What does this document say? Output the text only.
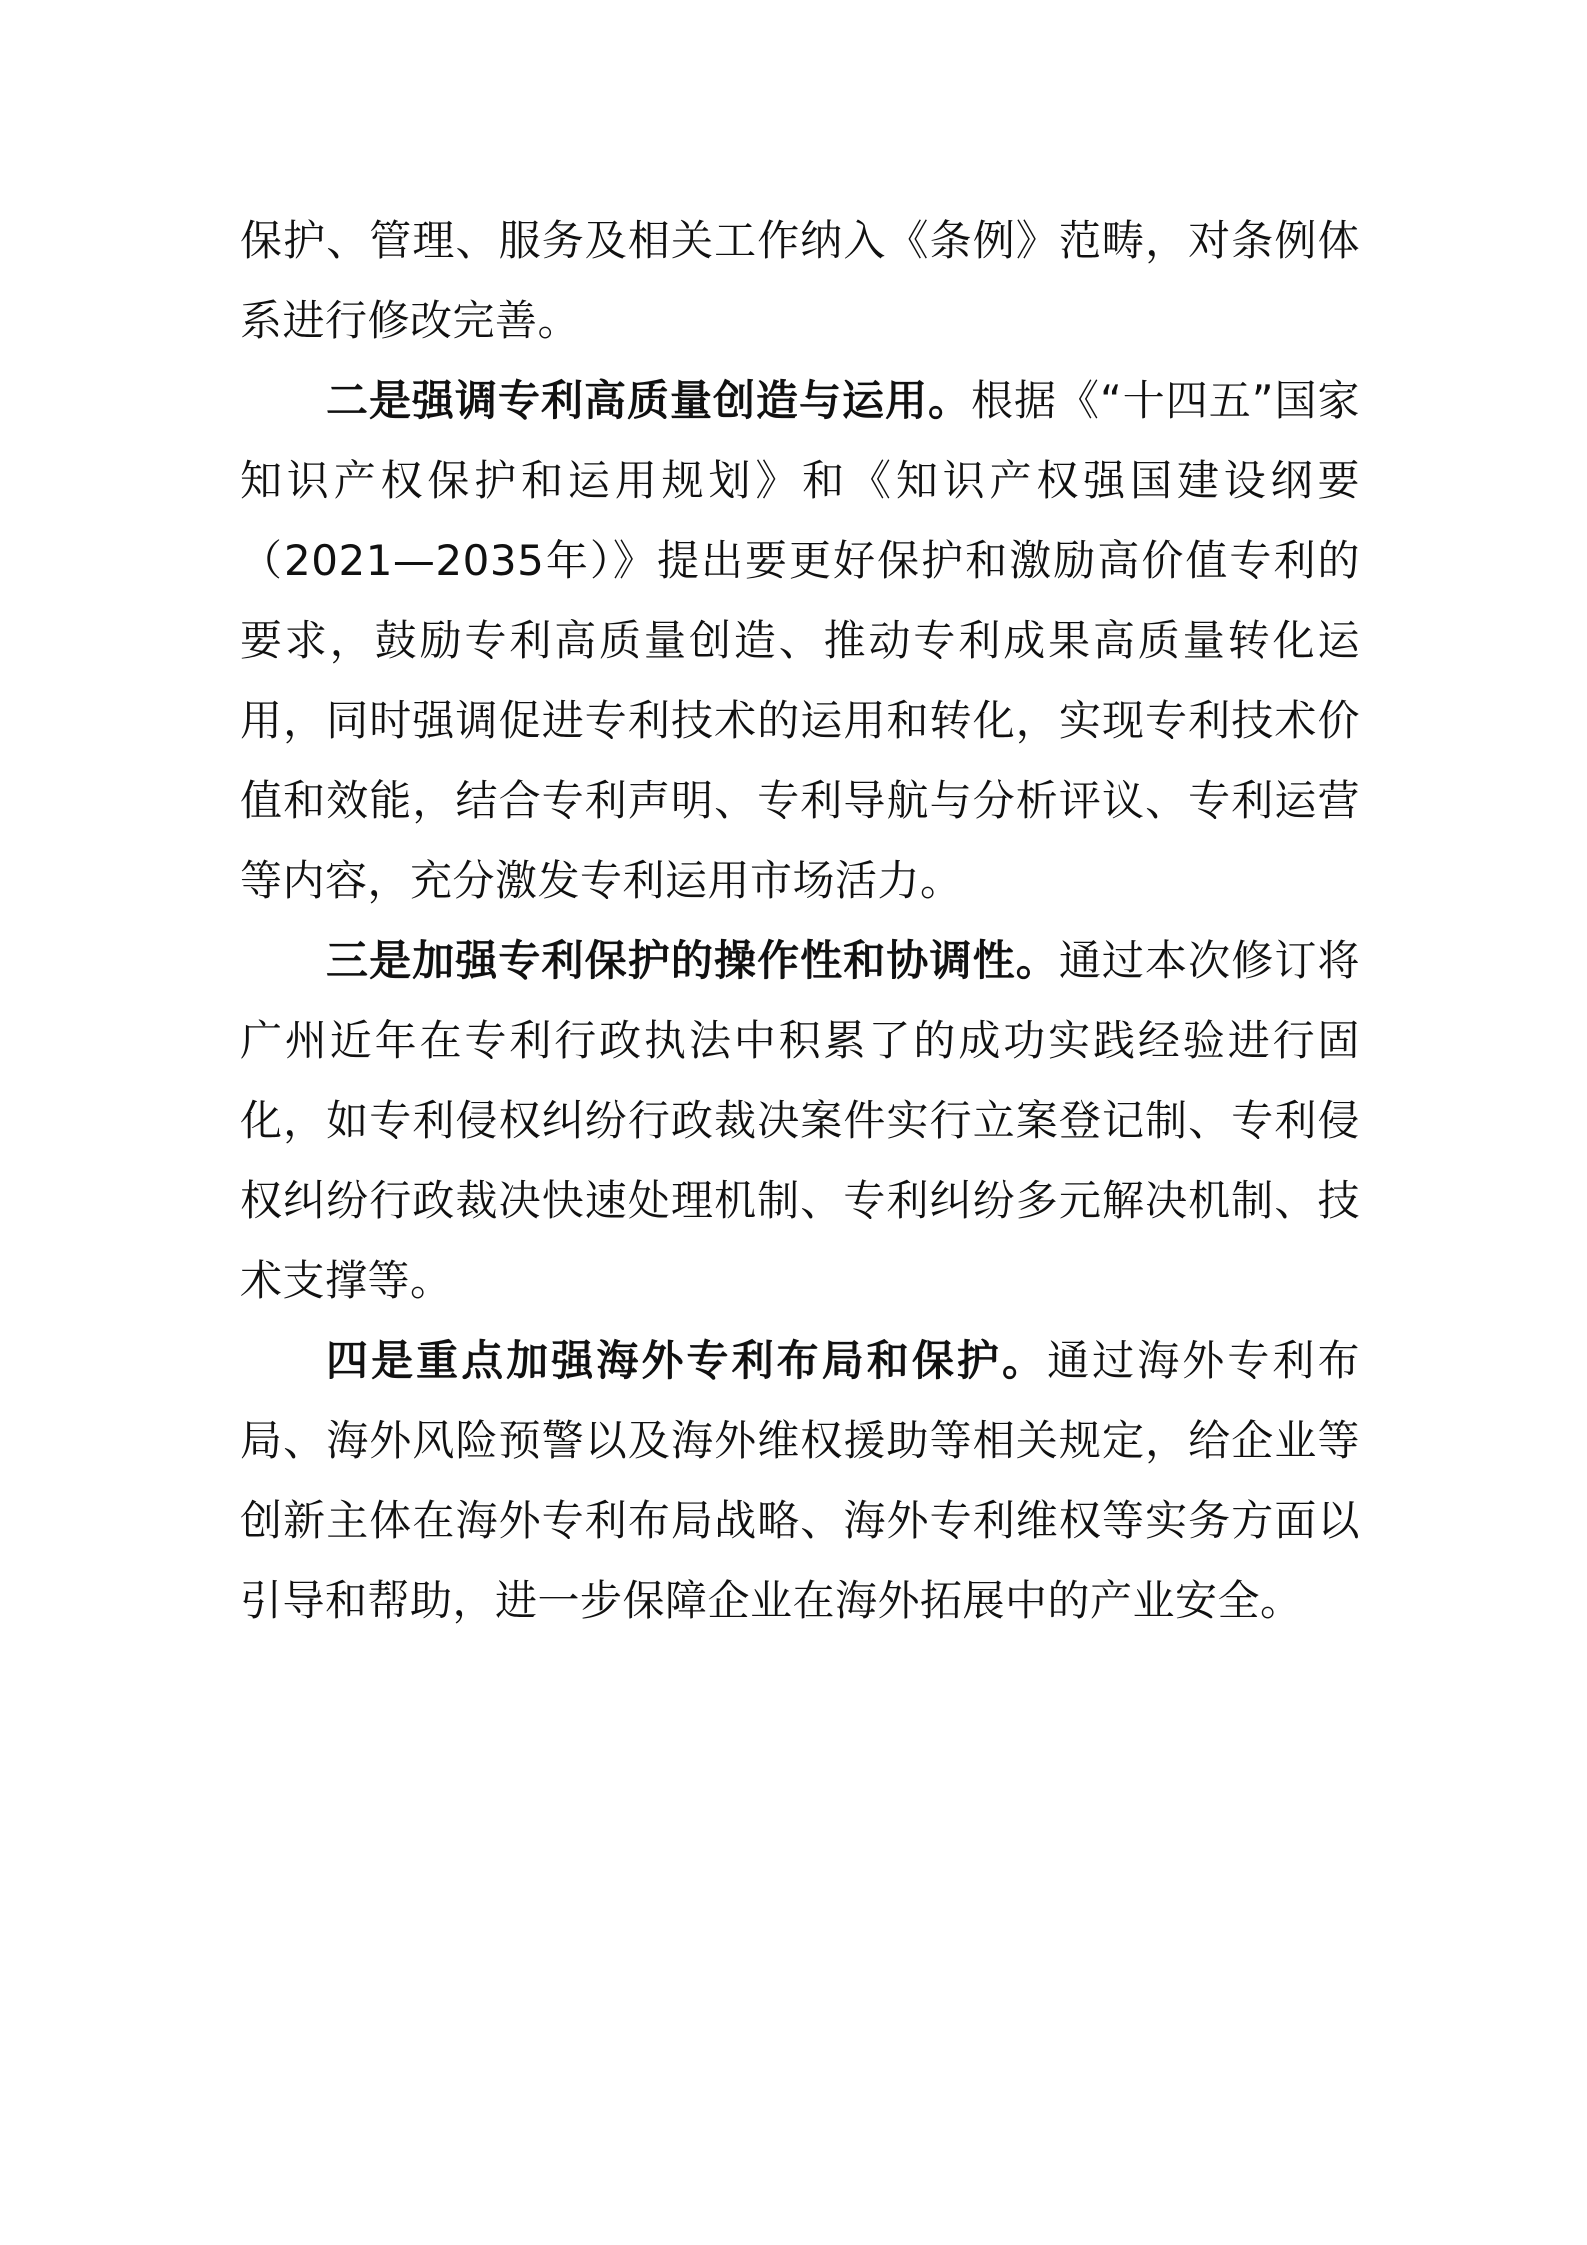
保护、管理、服务及相关工作纳入《条例》范畴，对条例体系进行修改完善。

二是强调专利高质量创造与运用。根据《“十四五”国家知识产权保护和运用规划》和《知识产权强国建设纲要（2021—2035年）》提出要更好保护和激励高价值专利的要求，鼓励专利高质量创造、推动专利成果高质量转化运用，同时强调促进专利技术的运用和转化，实现专利技术价值和效能，结合专利声明、专利导航与分析评议、专利运营等内容，充分激发专利运用市场活力。

三是加强专利保护的操作性和协调性。通过本次修订将广州近年在专利行政执法中积累了的成功实践经验进行固化，如专利侵权纠纷行政裁决案件实行立案登记制、专利侵权纠纷行政裁决快速处理机制、专利纠纷多元解决机制、技术支撑等。

四是重点加强海外专利布局和保护。通过海外专利布局、海外风险预警以及海外维权援助等相关规定，给企业等创新主体在海外专利布局战略、海外专利维权等实务方面以引导和帮助，进一步保障企业在海外拓展中的产业安全。
